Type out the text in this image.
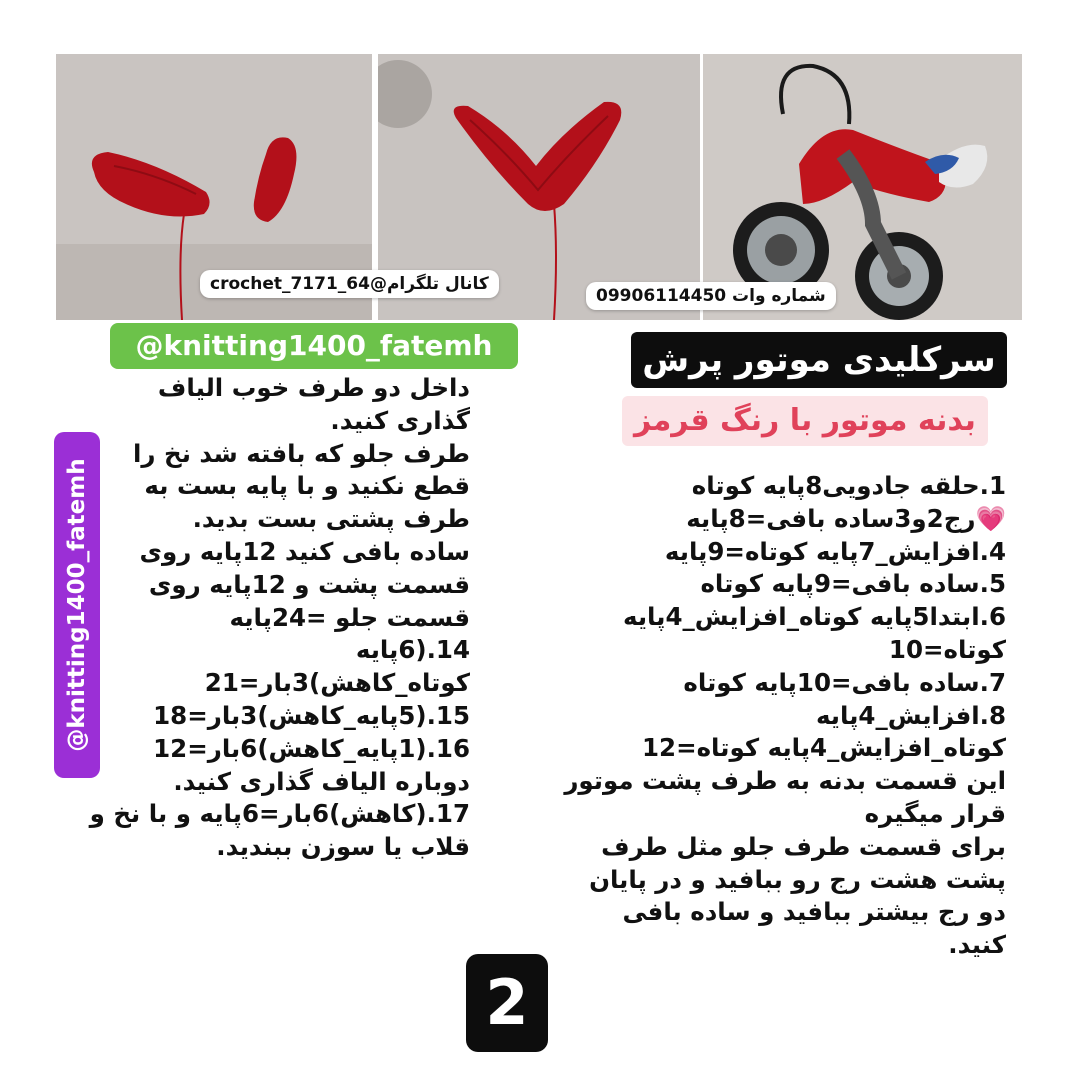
کانال تلگرام@crochet_7171_64
شماره وات 09906114450
@knitting1400_fatemh	سرکلیدی موتور پرش
بدنه موتور با رنگ قرمز
@knitting1400_fatemh

داخل دو طرف خوب الیاف

گذاری کنید.

طرف جلو که بافته شد نخ را

قطع نکنید و با پایه بست به

طرف پشتی بست بدید.

ساده بافی کنید 12پایه روی

قسمت پشت و 12پایه روی

قسمت جلو =24پایه

14.(6پایه

کوتاه_کاهش)3بار=21

15.(5پایه_کاهش)3بار=18

16.(1پایه_کاهش)6بار=12

دوباره الیاف گذاری کنید.

17.(کاهش)6بار=6پایه و با نخ و

قلاب یا سوزن ببندید.

1.حلقه جادویی8پایه کوتاه

💗رج2و3ساده بافی=8پایه

4.افزایش_7پایه کوتاه=9پایه

5.ساده بافی=9پایه کوتاه

6.ابتدا5پایه کوتاه_افزایش_4پایه

کوتاه=10

7.ساده بافی=10پایه کوتاه

8.افزایش_4پایه

کوتاه_افزایش_4پایه کوتاه=12

این قسمت بدنه به طرف پشت موتور

قرار میگیره

برای قسمت طرف جلو مثل طرف

پشت هشت رج رو ببافید و در پایان

دو رج بیشتر ببافید و ساده بافی

کنید.

2
